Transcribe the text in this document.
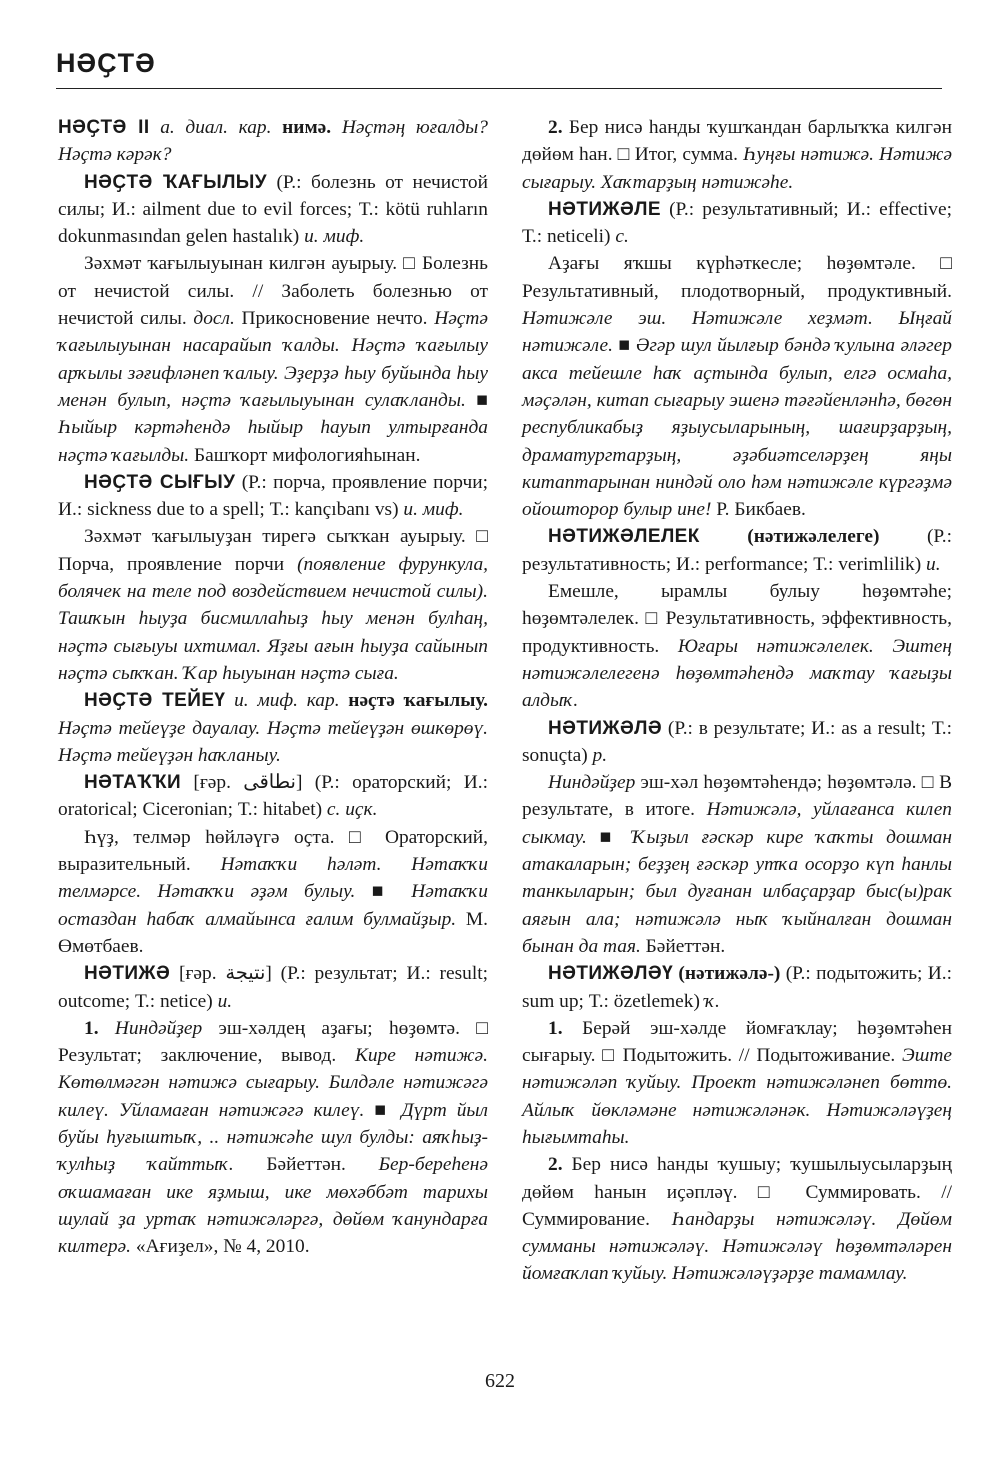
НӘҪТӘ

НӘҪТӘ II а. диал. кар. нимә. Нәҫтәң юғалды? Нәҫтә кәрәк?

НӘҪТӘ ҠАҒЫЛЫУ (Р.: болезнь от нечистой силы; И.: ailment due to evil forces; Т.: kötü ruhların dokunmasından gelen hastalık) и. миф.

Зәхмәт ҡағылыуынан килгән ауырыу. □ Болезнь от нечистой силы. // Заболеть болезнью от нечистой силы. досл. Прикосновение нечто. Нәҫтә ҡағылыуынан насарайып ҡалды. Нәҫтә ҡағылыу арҡылы зәғифләнеп ҡалыу. Эҙерҙә һыу буйында һыу менән булып, нәҫтә ҡағылыуынан сулаҡланды. ■ Һыйыр кәртәһендә һыйыр һауып ултырғанда нәҫтә ҡағылды. Башҡорт мифологияһынан.

НӘҪТӘ СЫҒЫУ (Р.: порча, проявление порчи; И.: sickness due to a spell; Т.: kançıbanı vs) и. миф.

Зәхмәт ҡағылыуҙан тирегә сыҡҡан ауырыу. □ Порча, проявление порчи (появление фурункула, болячек на теле под воздействием нечистой силы). Ташҡын һыуҙа бисмиллаһыҙ һыу менән булһаң, нәҫтә сығыуы ихтимал. Яҙғы ағын һыуҙа сайынып нәҫтә сыҡҡан. Ҡар һыуынан нәҫтә сыға.

НӘҪТӘ ТЕЙЕҮ и. миф. кар. нәҫтә ҡағылыу. Нәҫтә тейеүҙе дауалау. Нәҫтә тейеүҙән өшкөрөү. Нәҫтә тейеүҙән һаҡланыу.

НӘТАҠҠИ [ғәр. نطاقى] (Р.: ораторский; И.: oratorical; Ciceronian; Т.: hitabet) с. иҫк.

Һүҙ, телмәр һөйләүгә оҫта. □ Ораторский, выразительный. Нәтаҡҡи һәләт. Нәтаҡҡи телмәрсе. Нәтаҡҡи әҙәм булыу. ■ Нәтаҡҡи остаздан һабаҡ алмайынса ғалим булмайҙыр. М. Өмөтбаев.

НӘТИЖӘ [ғәр. نتيجة] (Р.: результат; И.: result; outcome; Т.: netice) и.

1. Ниндәйҙер эш-хәлдең аҙағы; һөҙөмтә. □ Результат; заключение, вывод. Кире нәтижә. Көтөлмәгән нәтижә сығарыу. Билдәле нәтижәгә килеү. Уйламаған нәтижәгә килеү. ■ Дүрт йыл буйы һуғыштыҡ, .. нәтижәһе шул булды: аяҡһыҙ-ҡулһыҙ ҡайттыҡ. Бәйеттән. Бер-береһенә оҡшамаған ике яҙмыш, ике мөхәббәт тарихы шулай ҙа уртаҡ нәтижәләргә, дөйөм ҡанундарға килтерә. «Ағиҙел», № 4, 2010.

2. Бер нисә һанды ҡушҡандан барлыҡҡа килгән дөйөм һан. □ Итог, сумма. Һуңғы нәтижә. Нәтижә сығарыу. Хаҡтарҙың нәтижәһе.

НӘТИЖӘЛЕ (Р.: результативный; И.: effective; Т.: neticeli) с.

Аҙағы яҡшы күрһәткесле; һөҙөмтәле. □ Результативный, плодотворный, продуктивный. Нәтижәле эш. Нәтижәле хеҙмәт. Ыңғай нәтижәле. ■ Әгәр шул йылғыр бәндә ҡулына әләгер акса тейешле һаҡ аҫтында булып, елгә осмаһа, мәҫәлән, китап сығарыу эшенә тәғәйенләнһә, бөгөн республикабыҙ яҙыусыларының, шағирҙарҙың, драматургтарҙың, әҙәбиәтселәрҙең яңы китаптарынан ниндәй оло һәм нәтижәле күргәҙмә ойошторop булыр ине! Р. Бикбаев.

НӘТИЖӘЛЕЛЕК (нәтижәлелеге) (Р.: результативность; И.: performance; Т.: verimlilik) и.

Емешле, ырамлы булыу һөҙөмтәһе; һөҙөмтәлелек. □ Результативность, эффективность, продуктивность. Юғары нәтижәлелек. Эштең нәтижәлелегенә һөҙөмтәһендә маҡтау ҡағыҙы алдыҡ.

НӘТИЖӘЛӘ (Р.: в результате; И.: as a result; Т.: sonuçta) р.

Ниндәйҙер эш-хәл һөҙөмтәһендә; һөҙөмтәлә. □ В результате, в итоге. Нәтижәлә, уйлағанса килеп сыкмау. ■ Ҡыҙыл ғәскәр кире ҡаҡты дошман атакаларын; беҙҙең ғәскәр утҡа осорҙо күп һанлы танкыларын; был дуғанан илбаҫарҙар быс(ы)рак аяғын ала; нәтижәлә ныҡ ҡыйналған дошман бынан да тая. Бәйеттән.

НӘТИЖӘЛӘҮ (нәтижәлә-) (Р.: подытожить; И.: sum up; Т.: özetlemek) ҡ.

1. Берәй эш-хәлде йомғаҡлау; һөҙөмтәһен сығарыу. □ Подытожить. // Подытоживание. Эште нәтижәләп ҡуйыу. Проект нәтижәләнеп бөттө. Айлыҡ йөкләмәне нәтижәләнәк. Нәтижәләүҙең һығымтаһы.

2. Бер нисә һанды ҡушыу; ҡушылыусыларҙың дөйөм һанын иҫәпләү. □ Суммировать. // Суммирование. Һандарҙы нәтижәләү. Дөйөм сумманы нәтижәләү. Нәтижәләү һөҙөмтәләрен йомғаҡлап ҡуйыу. Нәтижәләүҙәрҙе тамамлау.

622
